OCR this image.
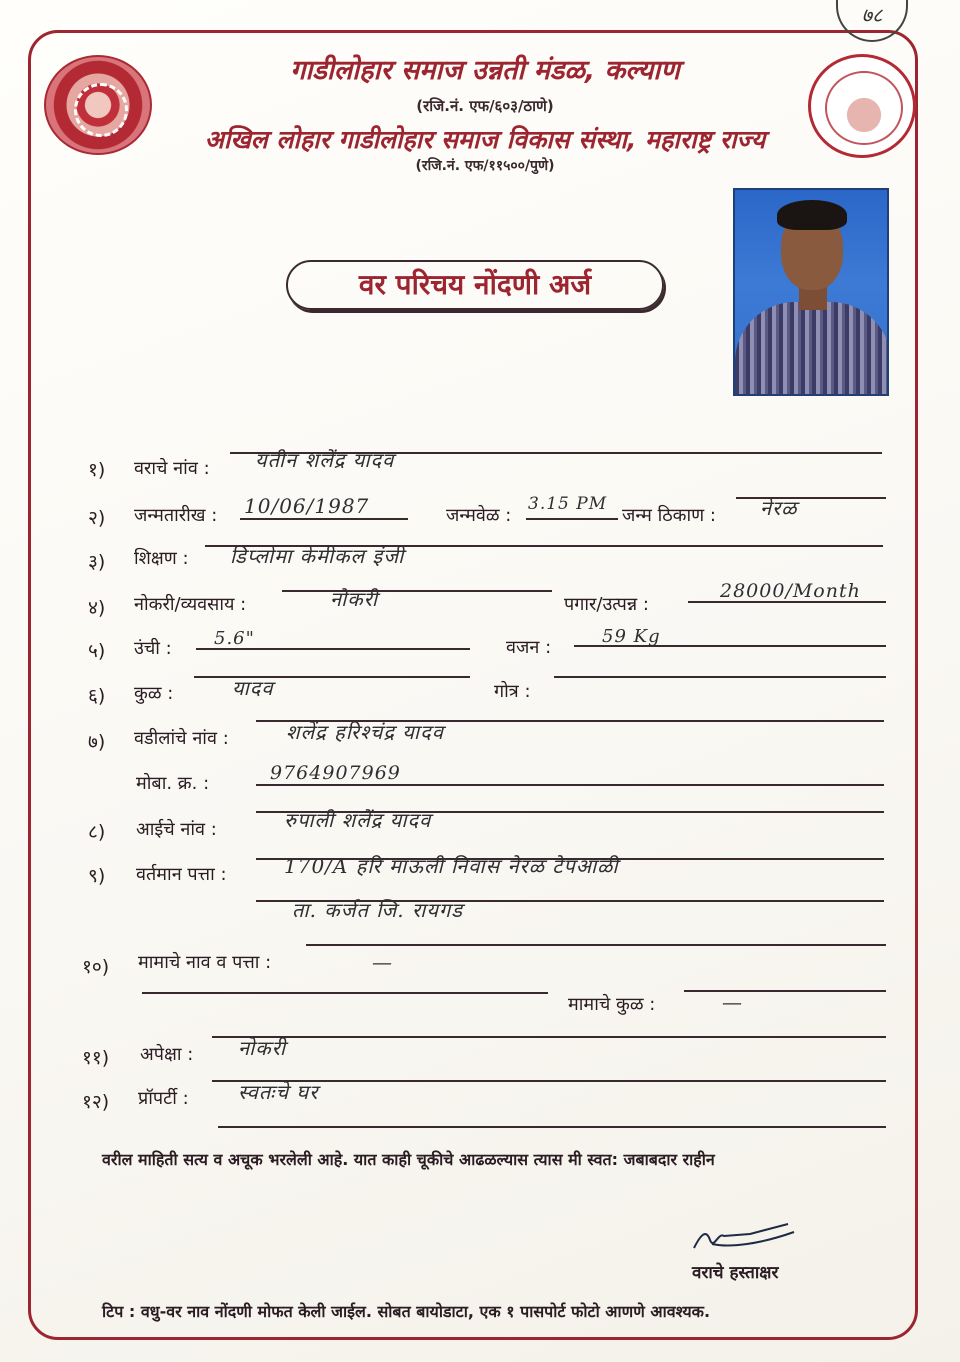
७८
गाडीलोहार समाज उन्नती मंडळ, कल्याण
(रजि.नं. एफ/६०३/ठाणे)
अखिल लोहार गाडीलोहार समाज विकास संस्था, महाराष्ट्र राज्य
(रजि.नं. एफ/११५००/पुणे)
वर परिचय नोंदणी अर्ज
१) वराचे नांव : यतीन शलेंद्र यादव
२) जन्मतारीख : 10/06/1987	जन्मवेळ :
3.15 PM
जन्म ठिकाण : नेरळ
३) शिक्षण : डिप्लोमा केमीकल इंजी
४) नोकरी/व्यवसाय :	नोकरी	पगार/उत्पन्न :
28000/Month
५) उंची : 5.6"	वजन :
59 Kg
६) कुळ :	यादव	गोत्र :
७) वडीलांचे नांव :	शलेंद्र हरिश्चंद्र यादव
मोबा. क्र. :	9764907969
८) आईचे नांव :	रुपाली शलेंद्र यादव
९) वर्तमान पत्ता :	170/A हरि माऊली निवास नेरळ टेपआळी
ता. कर्जत जि. रायगड
१०) मामाचे नाव व पत्ता :	—
मामाचे कुळ :	—
११) अपेक्षा : नोकरी
१२) प्रॉपर्टी : स्वतःचे घर
वरील माहिती सत्य व अचूक भरलेली आहे. यात काही चूकीचे आढळल्यास त्यास मी स्वत: जबाबदार राहीन
वराचे हस्ताक्षर
टिप : वधु-वर नाव नोंदणी मोफत केली जाईल. सोबत बायोडाटा, एक १ पासपोर्ट फोटो आणणे आवश्यक.
